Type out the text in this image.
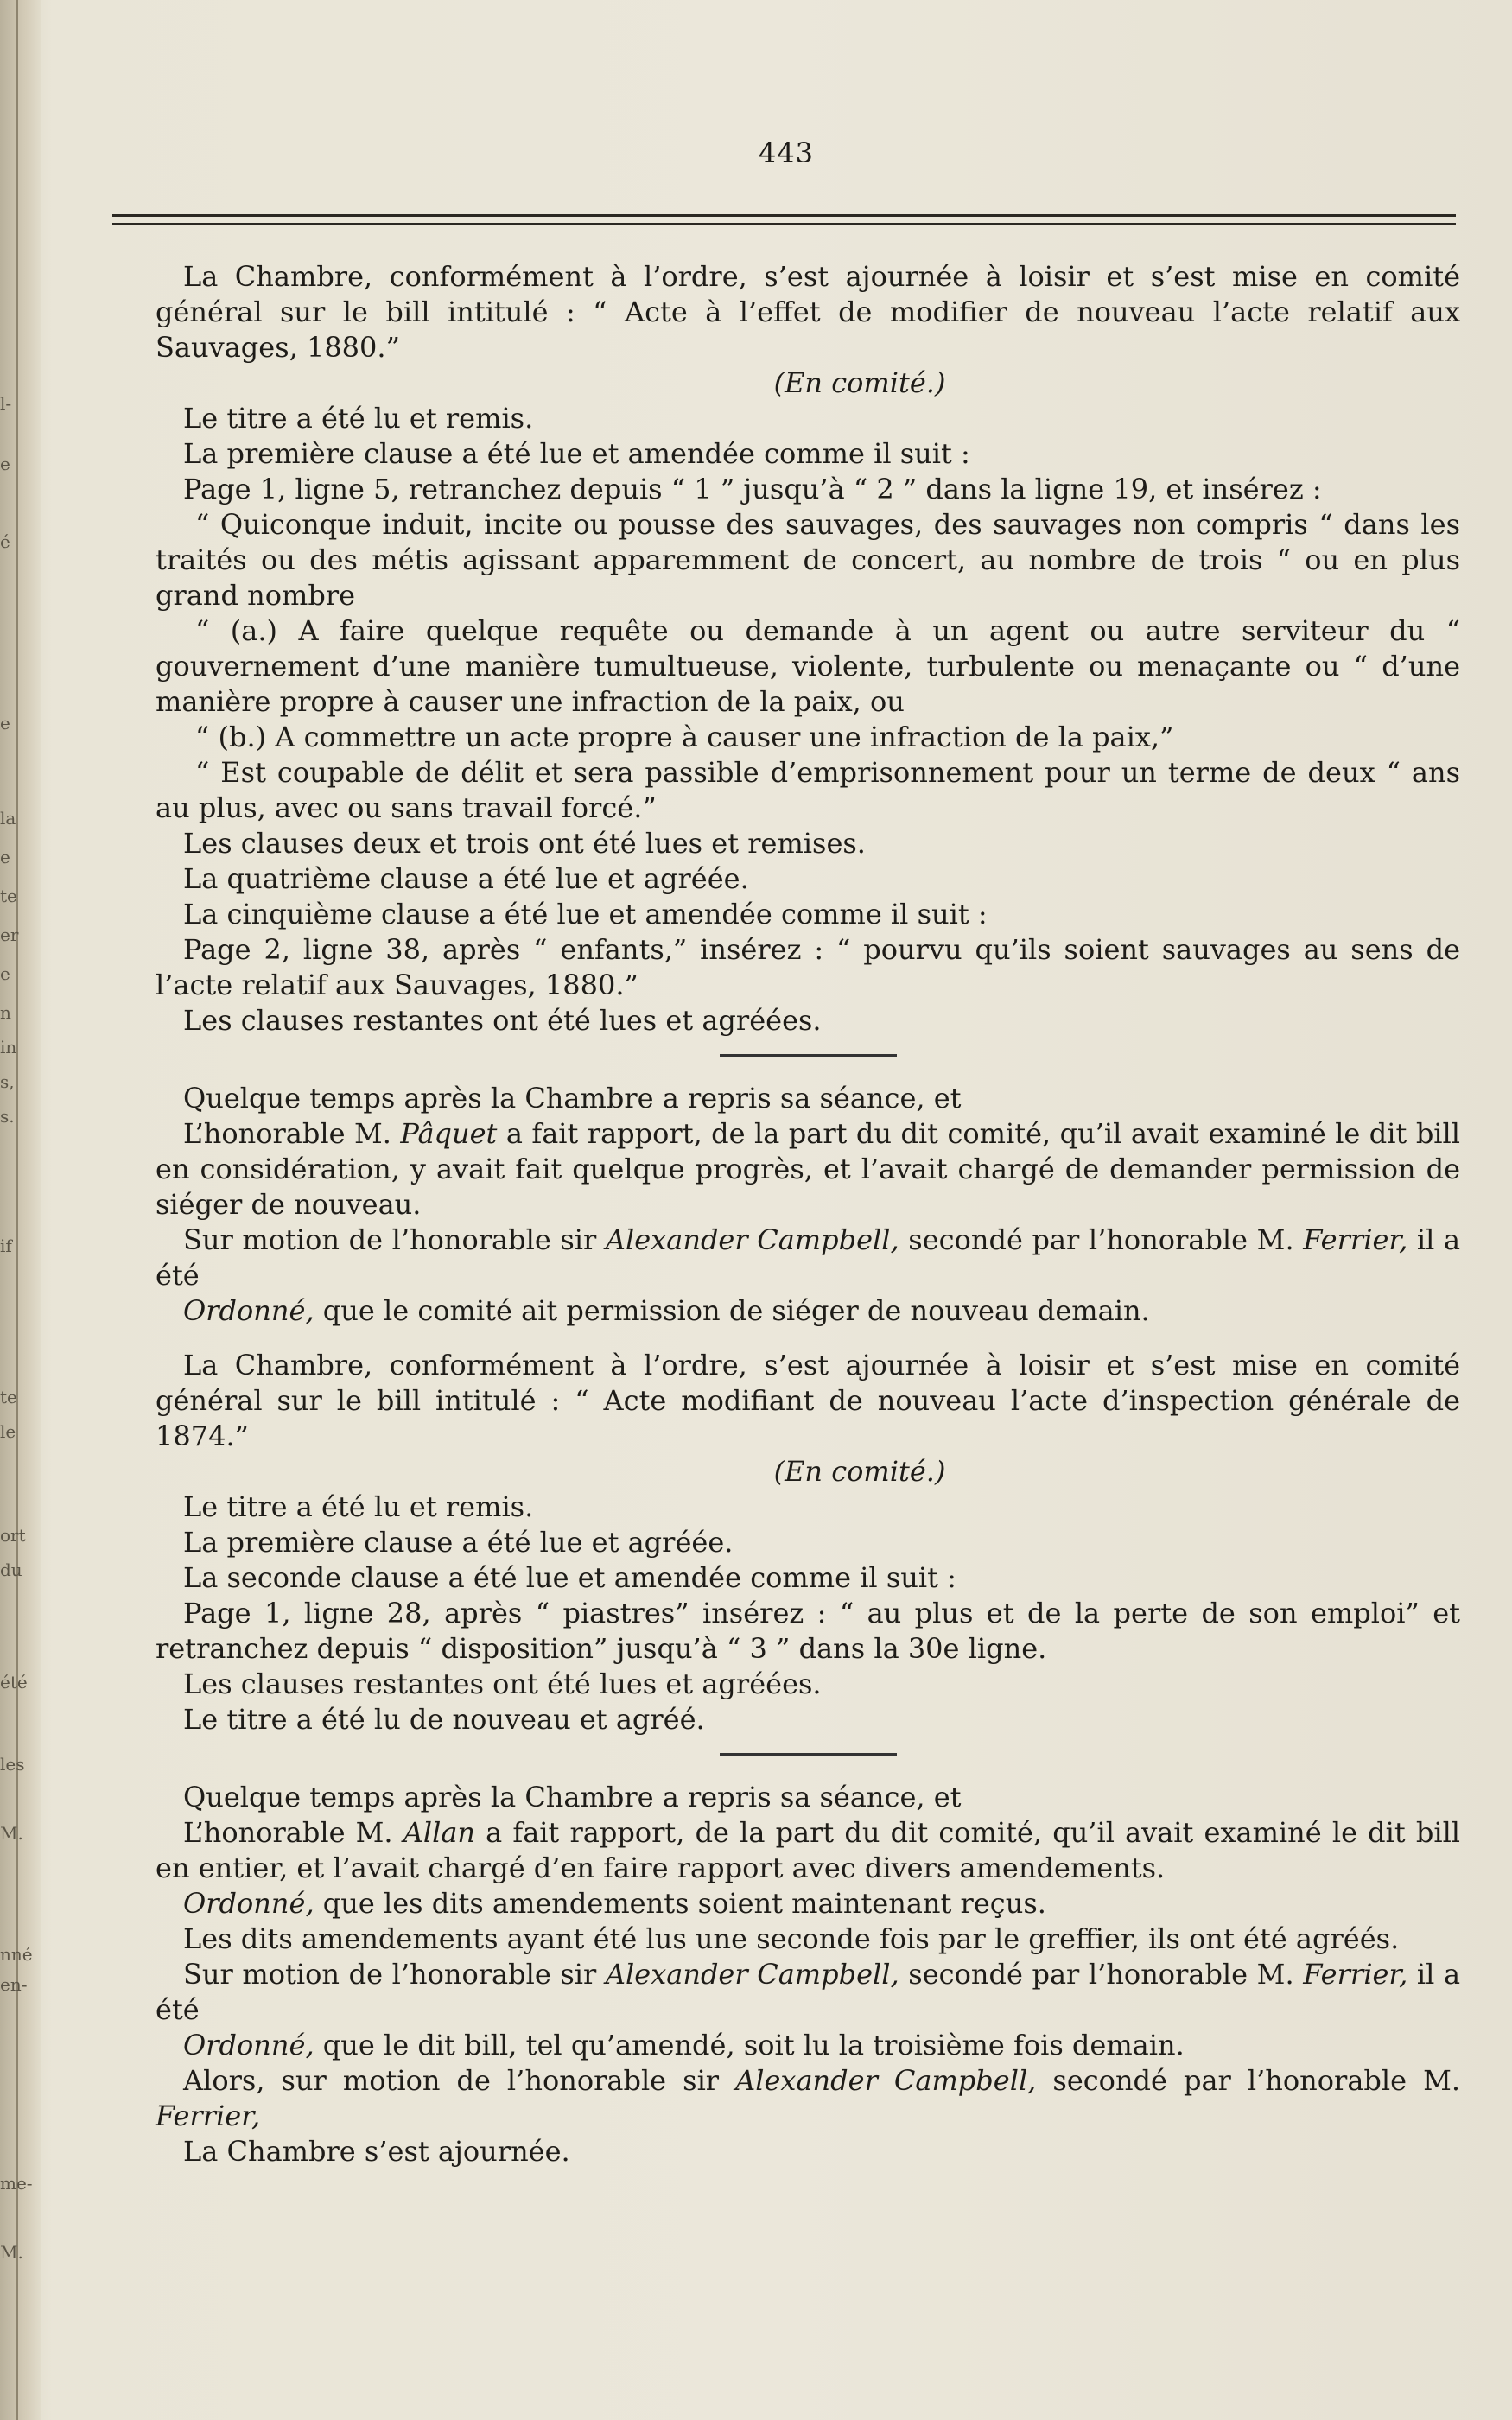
l-
e
é
e
la
e
te
er
e
n
in
s,
s.
if
te
le
ort
du
été
les
M.
nné
en-
me-
M.
443

La Chambre, conformément à l’ordre, s’est ajournée à loisir et s’est mise en comité général sur le bill intitulé : “ Acte à l’effet de modifier de nouveau l’acte relatif aux Sauvages, 1880.”

(En comité.)

Le titre a été lu et remis.

La première clause a été lue et amendée comme il suit :

Page 1, ligne 5, retranchez depuis “ 1 ” jusqu’à “ 2 ” dans la ligne 19, et insérez :

“ Quiconque induit, incite ou pousse des sauvages, des sauvages non compris “ dans les traités ou des métis agissant apparemment de concert, au nombre de trois “ ou en plus grand nombre

“ (a.) A faire quelque requête ou demande à un agent ou autre serviteur du “ gouvernement d’une manière tumultueuse, violente, turbulente ou menaçante ou “ d’une manière propre à causer une infraction de la paix, ou

“ (b.) A commettre un acte propre à causer une infraction de la paix,”

“ Est coupable de délit et sera passible d’emprisonnement pour un terme de deux “ ans au plus, avec ou sans travail forcé.”

Les clauses deux et trois ont été lues et remises.

La quatrième clause a été lue et agréée.

La cinquième clause a été lue et amendée comme il suit :

Page 2, ligne 38, après “ enfants,” insérez : “ pourvu qu’ils soient sauvages au sens de l’acte relatif aux Sauvages, 1880.”

Les clauses restantes ont été lues et agréées.

Quelque temps après la Chambre a repris sa séance, et

L’honorable M. Pâquet a fait rapport, de la part du dit comité, qu’il avait examiné le dit bill en considération, y avait fait quelque progrès, et l’avait chargé de demander permission de siéger de nouveau.

Sur motion de l’honorable sir Alexander Campbell, secondé par l’honorable M. Ferrier, il a été

Ordonné, que le comité ait permission de siéger de nouveau demain.

La Chambre, conformément à l’ordre, s’est ajournée à loisir et s’est mise en comité général sur le bill intitulé : “ Acte modifiant de nouveau l’acte d’inspection générale de 1874.”

(En comité.)

Le titre a été lu et remis.

La première clause a été lue et agréée.

La seconde clause a été lue et amendée comme il suit :

Page 1, ligne 28, après “ piastres” insérez : “ au plus et de la perte de son emploi” et retranchez depuis “ disposition” jusqu’à “ 3 ” dans la 30e ligne.

Les clauses restantes ont été lues et agréées.

Le titre a été lu de nouveau et agréé.

Quelque temps après la Chambre a repris sa séance, et

L’honorable M. Allan a fait rapport, de la part du dit comité, qu’il avait examiné le dit bill en entier, et l’avait chargé d’en faire rapport avec divers amendements.

Ordonné, que les dits amendements soient maintenant reçus.

Les dits amendements ayant été lus une seconde fois par le greffier, ils ont été agréés.

Sur motion de l’honorable sir Alexander Campbell, secondé par l’honorable M. Ferrier, il a été

Ordonné, que le dit bill, tel qu’amendé, soit lu la troisième fois demain.

Alors, sur motion de l’honorable sir Alexander Campbell, secondé par l’honorable M. Ferrier,

La Chambre s’est ajournée.
